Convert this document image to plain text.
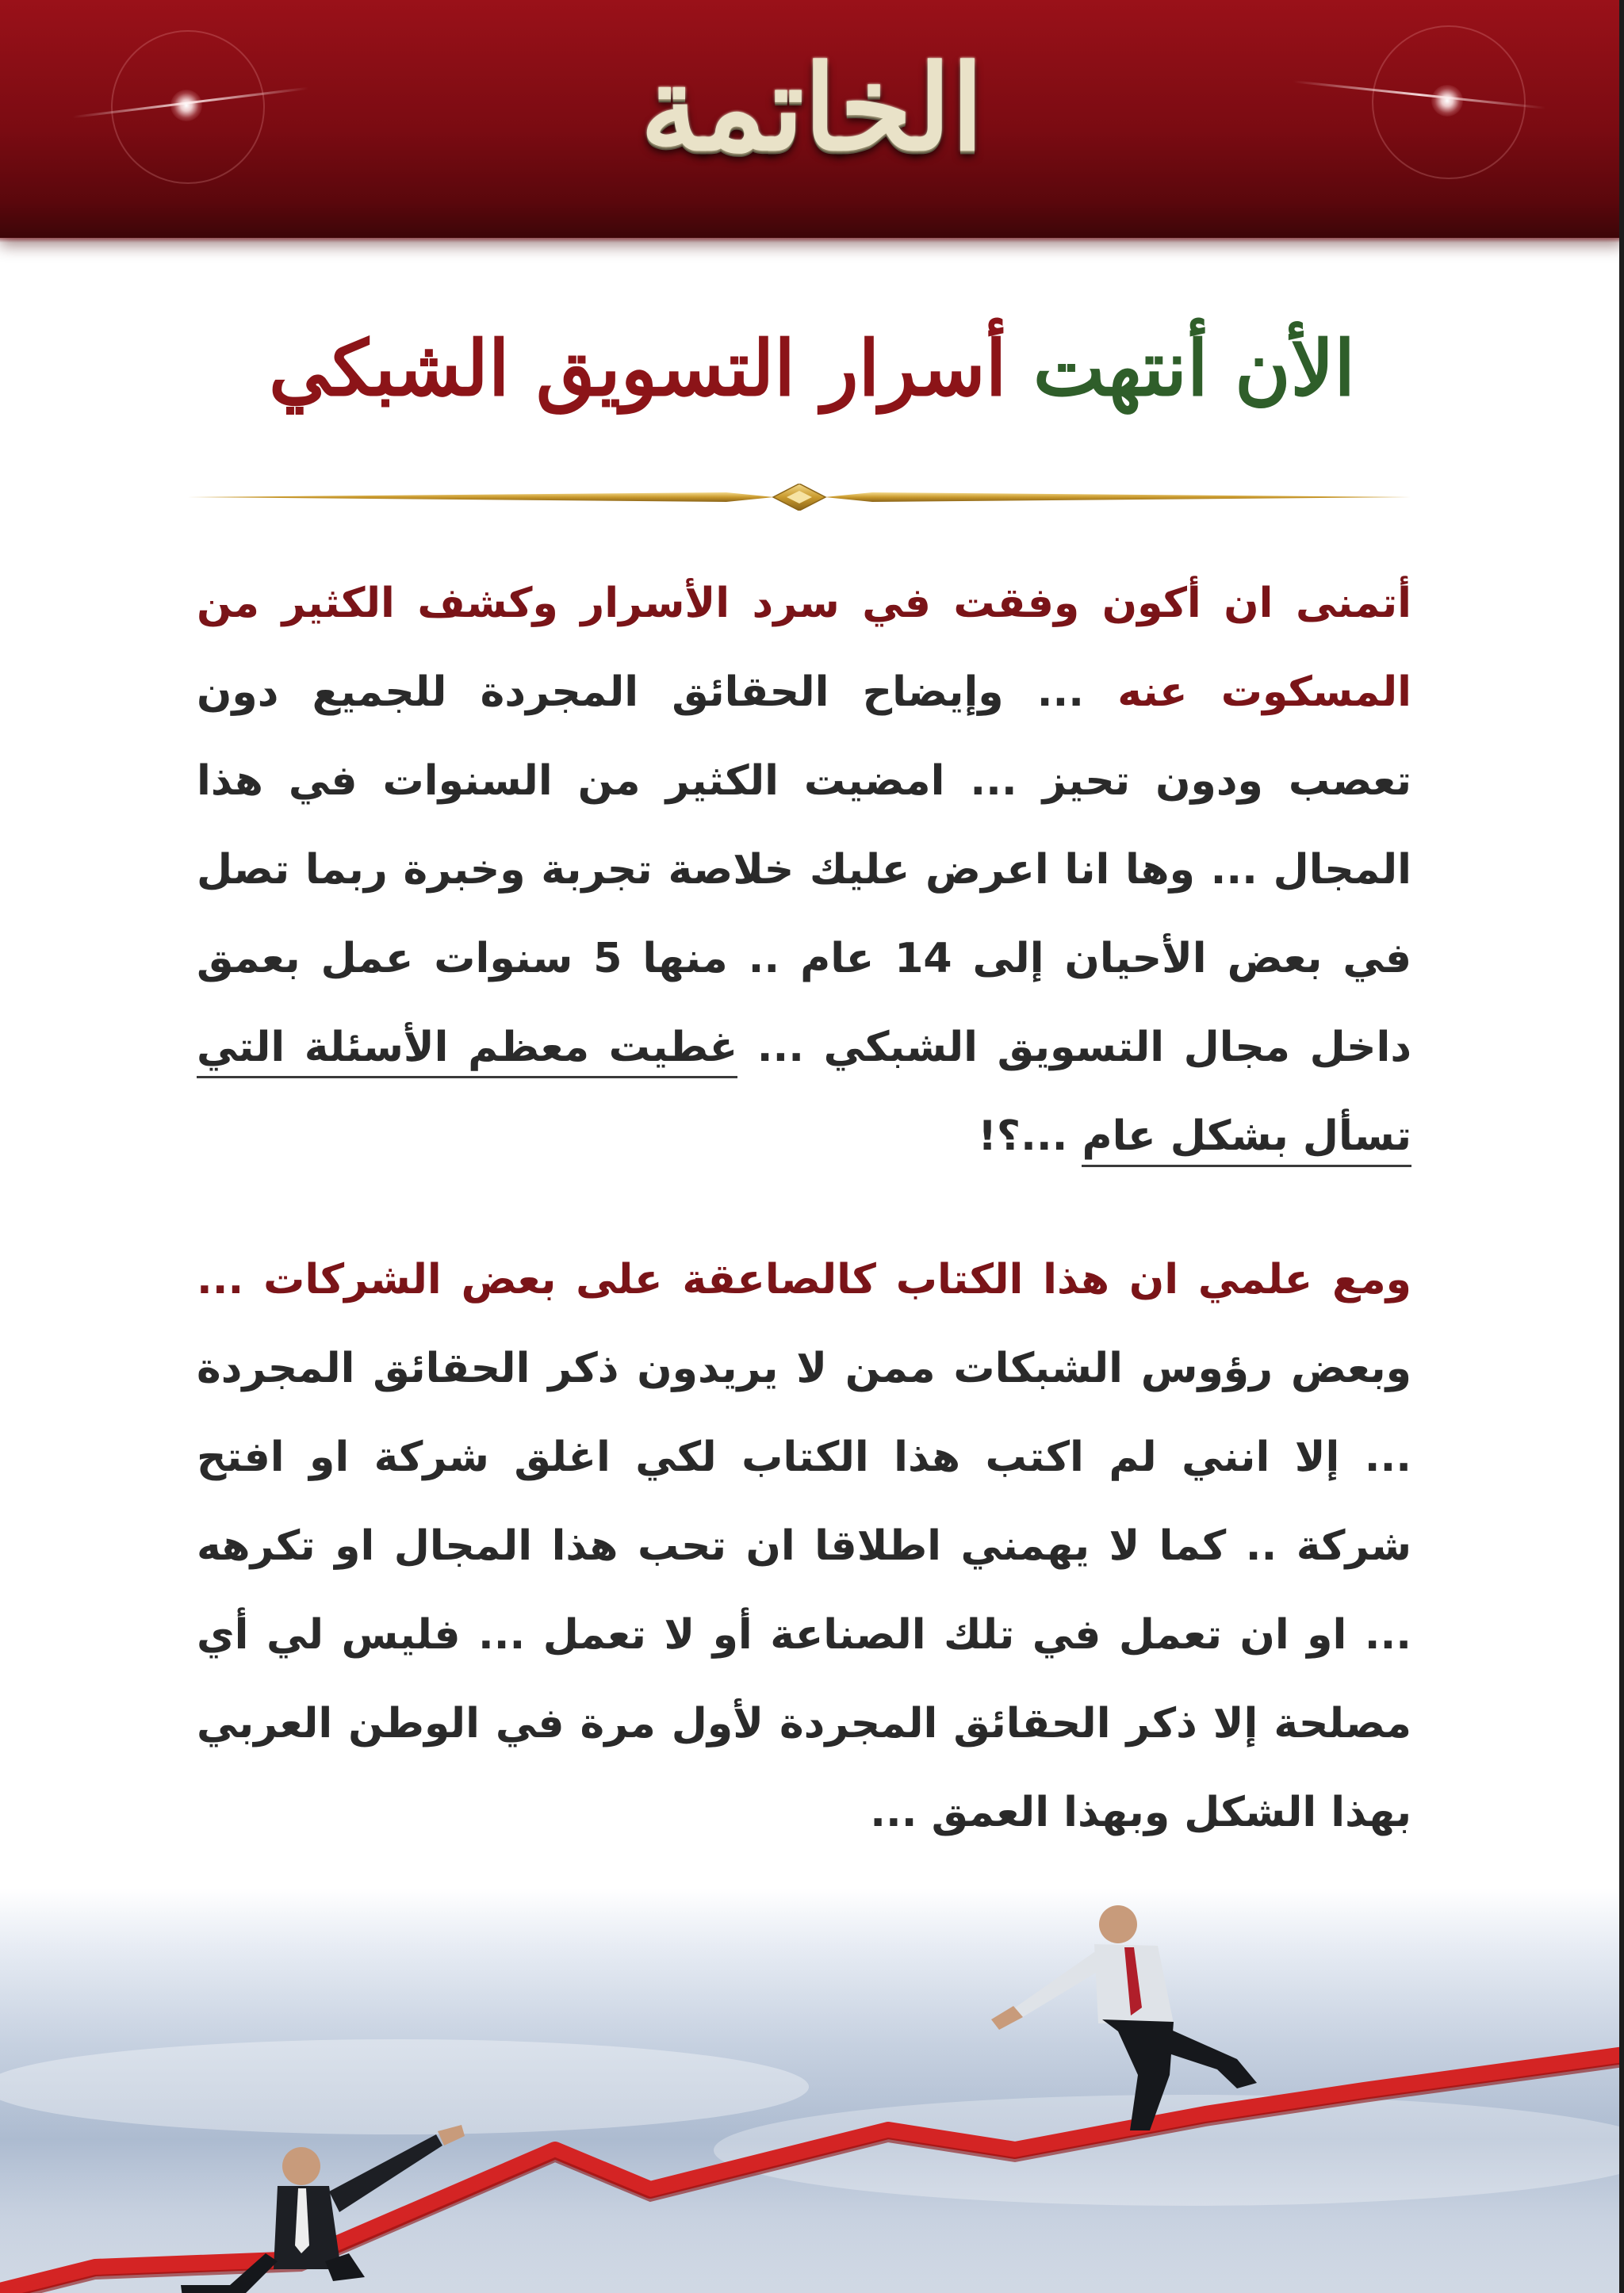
الخاتمة
الأن أنتهت أسرار التسويق الشبكي

أتمنى ان أكون وفقت في سرد الأسرار وكشف الكثير من المسكوت عنه ... وإيضاح الحقائق المجردة للجميع دون تعصب ودون تحيز ... امضيت الكثير من السنوات في هذا المجال ... وها انا اعرض عليك خلاصة تجربة وخبرة ربما تصل في بعض الأحيان إلى 14 عام .. منها 5 سنوات عمل بعمق داخل مجال التسويق الشبكي ... غطيت معظم الأسئلة التي تسأل بشكل عام ...؟!

ومع علمي ان هذا الكتاب كالصاعقة على بعض الشركات ... وبعض رؤوس الشبكات ممن لا يريدون ذكر الحقائق المجردة ... إلا انني لم اكتب هذا الكتاب لكي اغلق شركة او افتح شركة .. كما لا يهمني اطلاقا ان تحب هذا المجال او تكرهه ... او ان تعمل في تلك الصناعة أو لا تعمل ... فليس لي أي مصلحة إلا ذكر الحقائق المجردة لأول مرة في الوطن العربي بهذا الشكل وبهذا العمق ...
